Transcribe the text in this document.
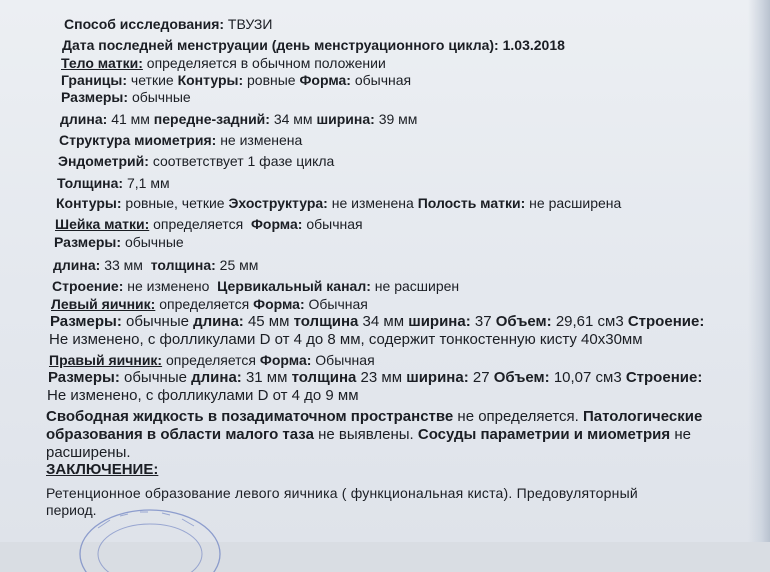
Способ исследования: ТВУЗИ
Дата последней менструации (день менструационного цикла): 1.03.2018
Тело матки: определяется в обычном положении
Границы: четкие Контуры: ровные Форма: обычная
Размеры: обычные
длина: 41 мм передне-задний: 34 мм ширина: 39 мм
Структура миометрия: не изменена
Эндометрий: соответствует 1 фазе цикла
Толщина: 7,1 мм
Контуры: ровные, четкие Эхоструктура: не изменена Полость матки: не расширена
Шейка матки: определяется Форма: обычная
Размеры: обычные
длина: 33 мм толщина: 25 мм
Строение: не изменено Цервикальный канал: не расширен
Левый яичник: определяется Форма: Обычная
Размеры: обычные длина: 45 мм толщина 34 мм ширина: 37 Объем: 29,61 см3 Строение:
Не изменено, с фолликулами D от 4 до 8 мм, содержит тонкостенную кисту 40х30мм
Правый яичник: определяется Форма: Обычная
Размеры: обычные длина: 31 мм толщина 23 мм ширина: 27 Объем: 10,07 см3 Строение:
Не изменено, с фолликулами D от 4 до 9 мм
Свободная жидкость в позадиматочном пространстве не определяется. Патологические
образования в области малого таза не выявлены. Сосуды параметрии и миометрия не
расширены.
ЗАКЛЮЧЕНИЕ:
Ретенционное образование левого яичника ( функциональная киста). Предовуляторный
период.
